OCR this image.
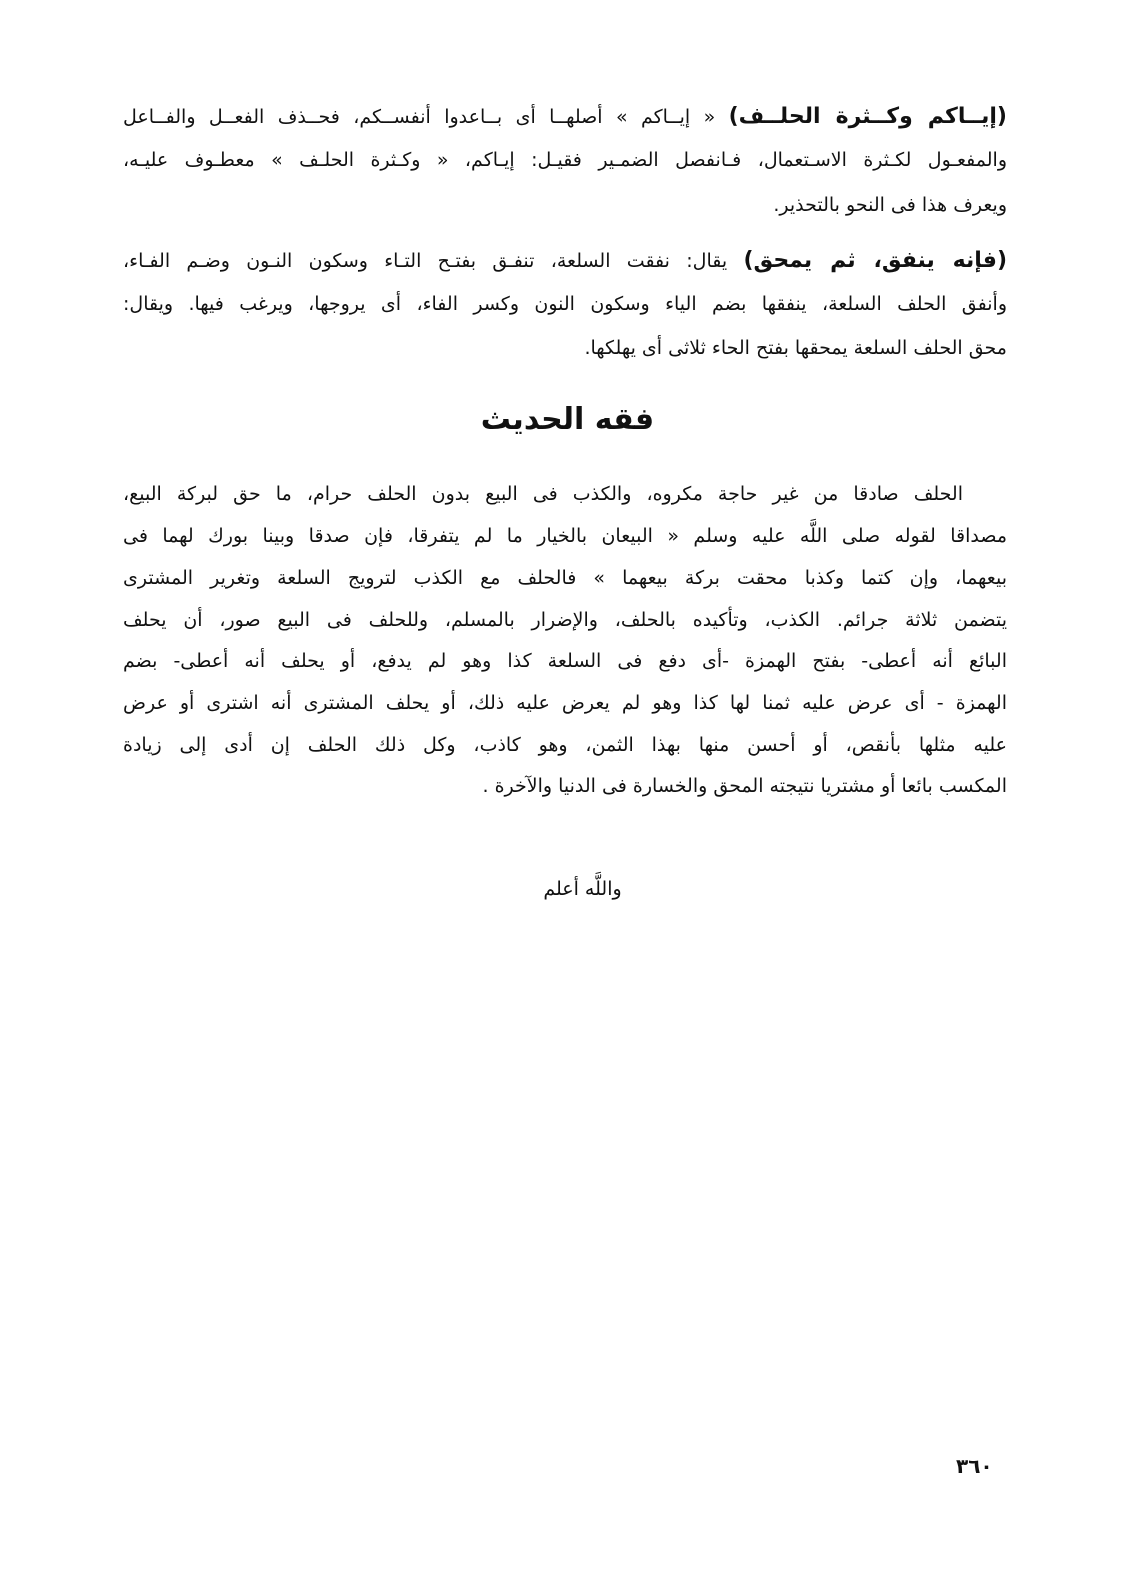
(إيــاكم وكــثرة الحلــف) « إيــاكم » أصلهــا أى بــاعدوا أنفســكم، فحــذف الفعــل والفــاعل
والمفعـول لكـثرة الاسـتعمال، فـانفصل الضمـير فقيـل: إيـاكم، « وكـثرة الحلـف » معطـوف عليـه،
ويعرف هذا فى النحو بالتحذير.
(فإنه ينفق، ثم يمحق) يقال: نفقت السلعة، تنفـق بفتـح التـاء وسكون النـون وضـم الفـاء،
وأنفق الحلف السلعة، ينفقها بضم الياء وسكون النون وكسر الفاء، أى يروجها، ويرغب فيها. ويقال:
محق الحلف السلعة يمحقها بفتح الحاء ثلاثى أى يهلكها.
فقه الحديث
الحلف صادقا من غير حاجة مكروه، والكذب فى البيع بدون الحلف حرام، ما حق لبركة البيع،
مصداقا لقوله صلى اللَّه عليه وسلم « البيعان بالخيار ما لم يتفرقا، فإن صدقا وبينا بورك لهما فى
بيعهما، وإن كتما وكذبا محقت بركة بيعهما » فالحلف مع الكذب لترويج السلعة وتغرير المشترى
يتضمن ثلاثة جرائم. الكذب، وتأكيده بالحلف، والإضرار بالمسلم، وللحلف فى البيع صور، أن يحلف
البائع أنه أعطى- بفتح الهمزة -أى دفع فى السلعة كذا وهو لم يدفع، أو يحلف أنه أعطى- بضم
الهمزة - أى عرض عليه ثمنا لها كذا وهو لم يعرض عليه ذلك، أو يحلف المشترى أنه اشترى أو عرض
عليه مثلها بأنقص، أو أحسن منها بهذا الثمن، وهو كاذب، وكل ذلك الحلف إن أدى إلى زيادة
المكسب بائعا أو مشتريا نتيجته المحق والخسارة فى الدنيا والآخرة .
واللَّه أعلم
٣٦٠
